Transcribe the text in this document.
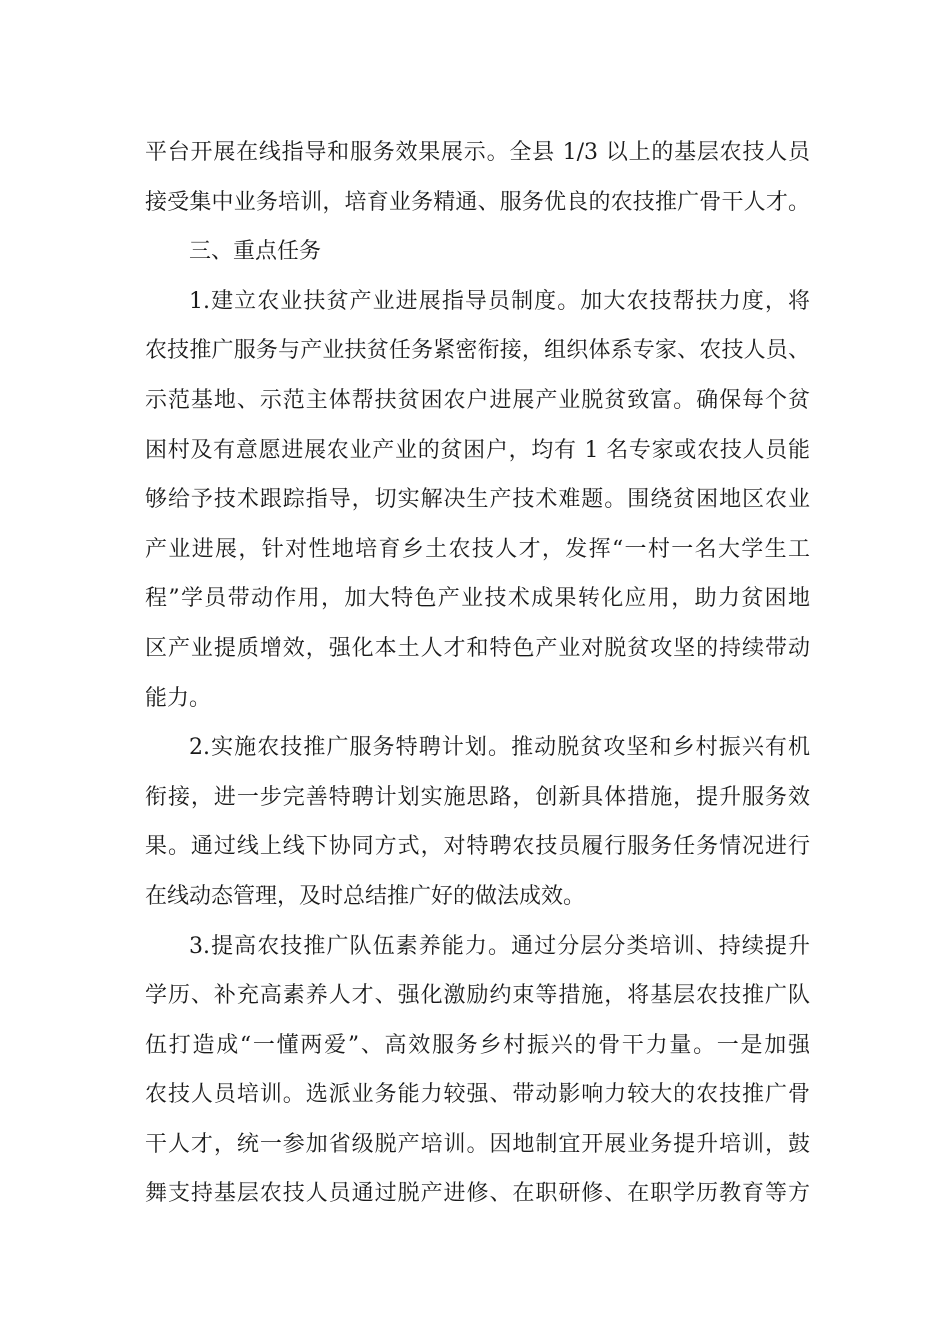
平台开展在线指导和服务效果展示。全县 1/3 以上的基层农技人员
接受集中业务培训，培育业务精通、服务优良的农技推广骨干人才。
三、重点任务
1.建立农业扶贫产业进展指导员制度。加大农技帮扶力度，将
农技推广服务与产业扶贫任务紧密衔接，组织体系专家、农技人员、
示范基地、示范主体帮扶贫困农户进展产业脱贫致富。确保每个贫
困村及有意愿进展农业产业的贫困户，均有 1 名专家或农技人员能
够给予技术跟踪指导，切实解决生产技术难题。围绕贫困地区农业
产业进展，针对性地培育乡土农技人才，发挥“一村一名大学生工
程”学员带动作用，加大特色产业技术成果转化应用，助力贫困地
区产业提质增效，强化本土人才和特色产业对脱贫攻坚的持续带动
能力。
2.实施农技推广服务特聘计划。推动脱贫攻坚和乡村振兴有机
衔接，进一步完善特聘计划实施思路，创新具体措施，提升服务效
果。通过线上线下协同方式，对特聘农技员履行服务任务情况进行
在线动态管理，及时总结推广好的做法成效。
3.提高农技推广队伍素养能力。通过分层分类培训、持续提升
学历、补充高素养人才、强化激励约束等措施，将基层农技推广队
伍打造成“一懂两爱”、高效服务乡村振兴的骨干力量。一是加强
农技人员培训。选派业务能力较强、带动影响力较大的农技推广骨
干人才，统一参加省级脱产培训。因地制宜开展业务提升培训，鼓
舞支持基层农技人员通过脱产进修、在职研修、在职学历教育等方
